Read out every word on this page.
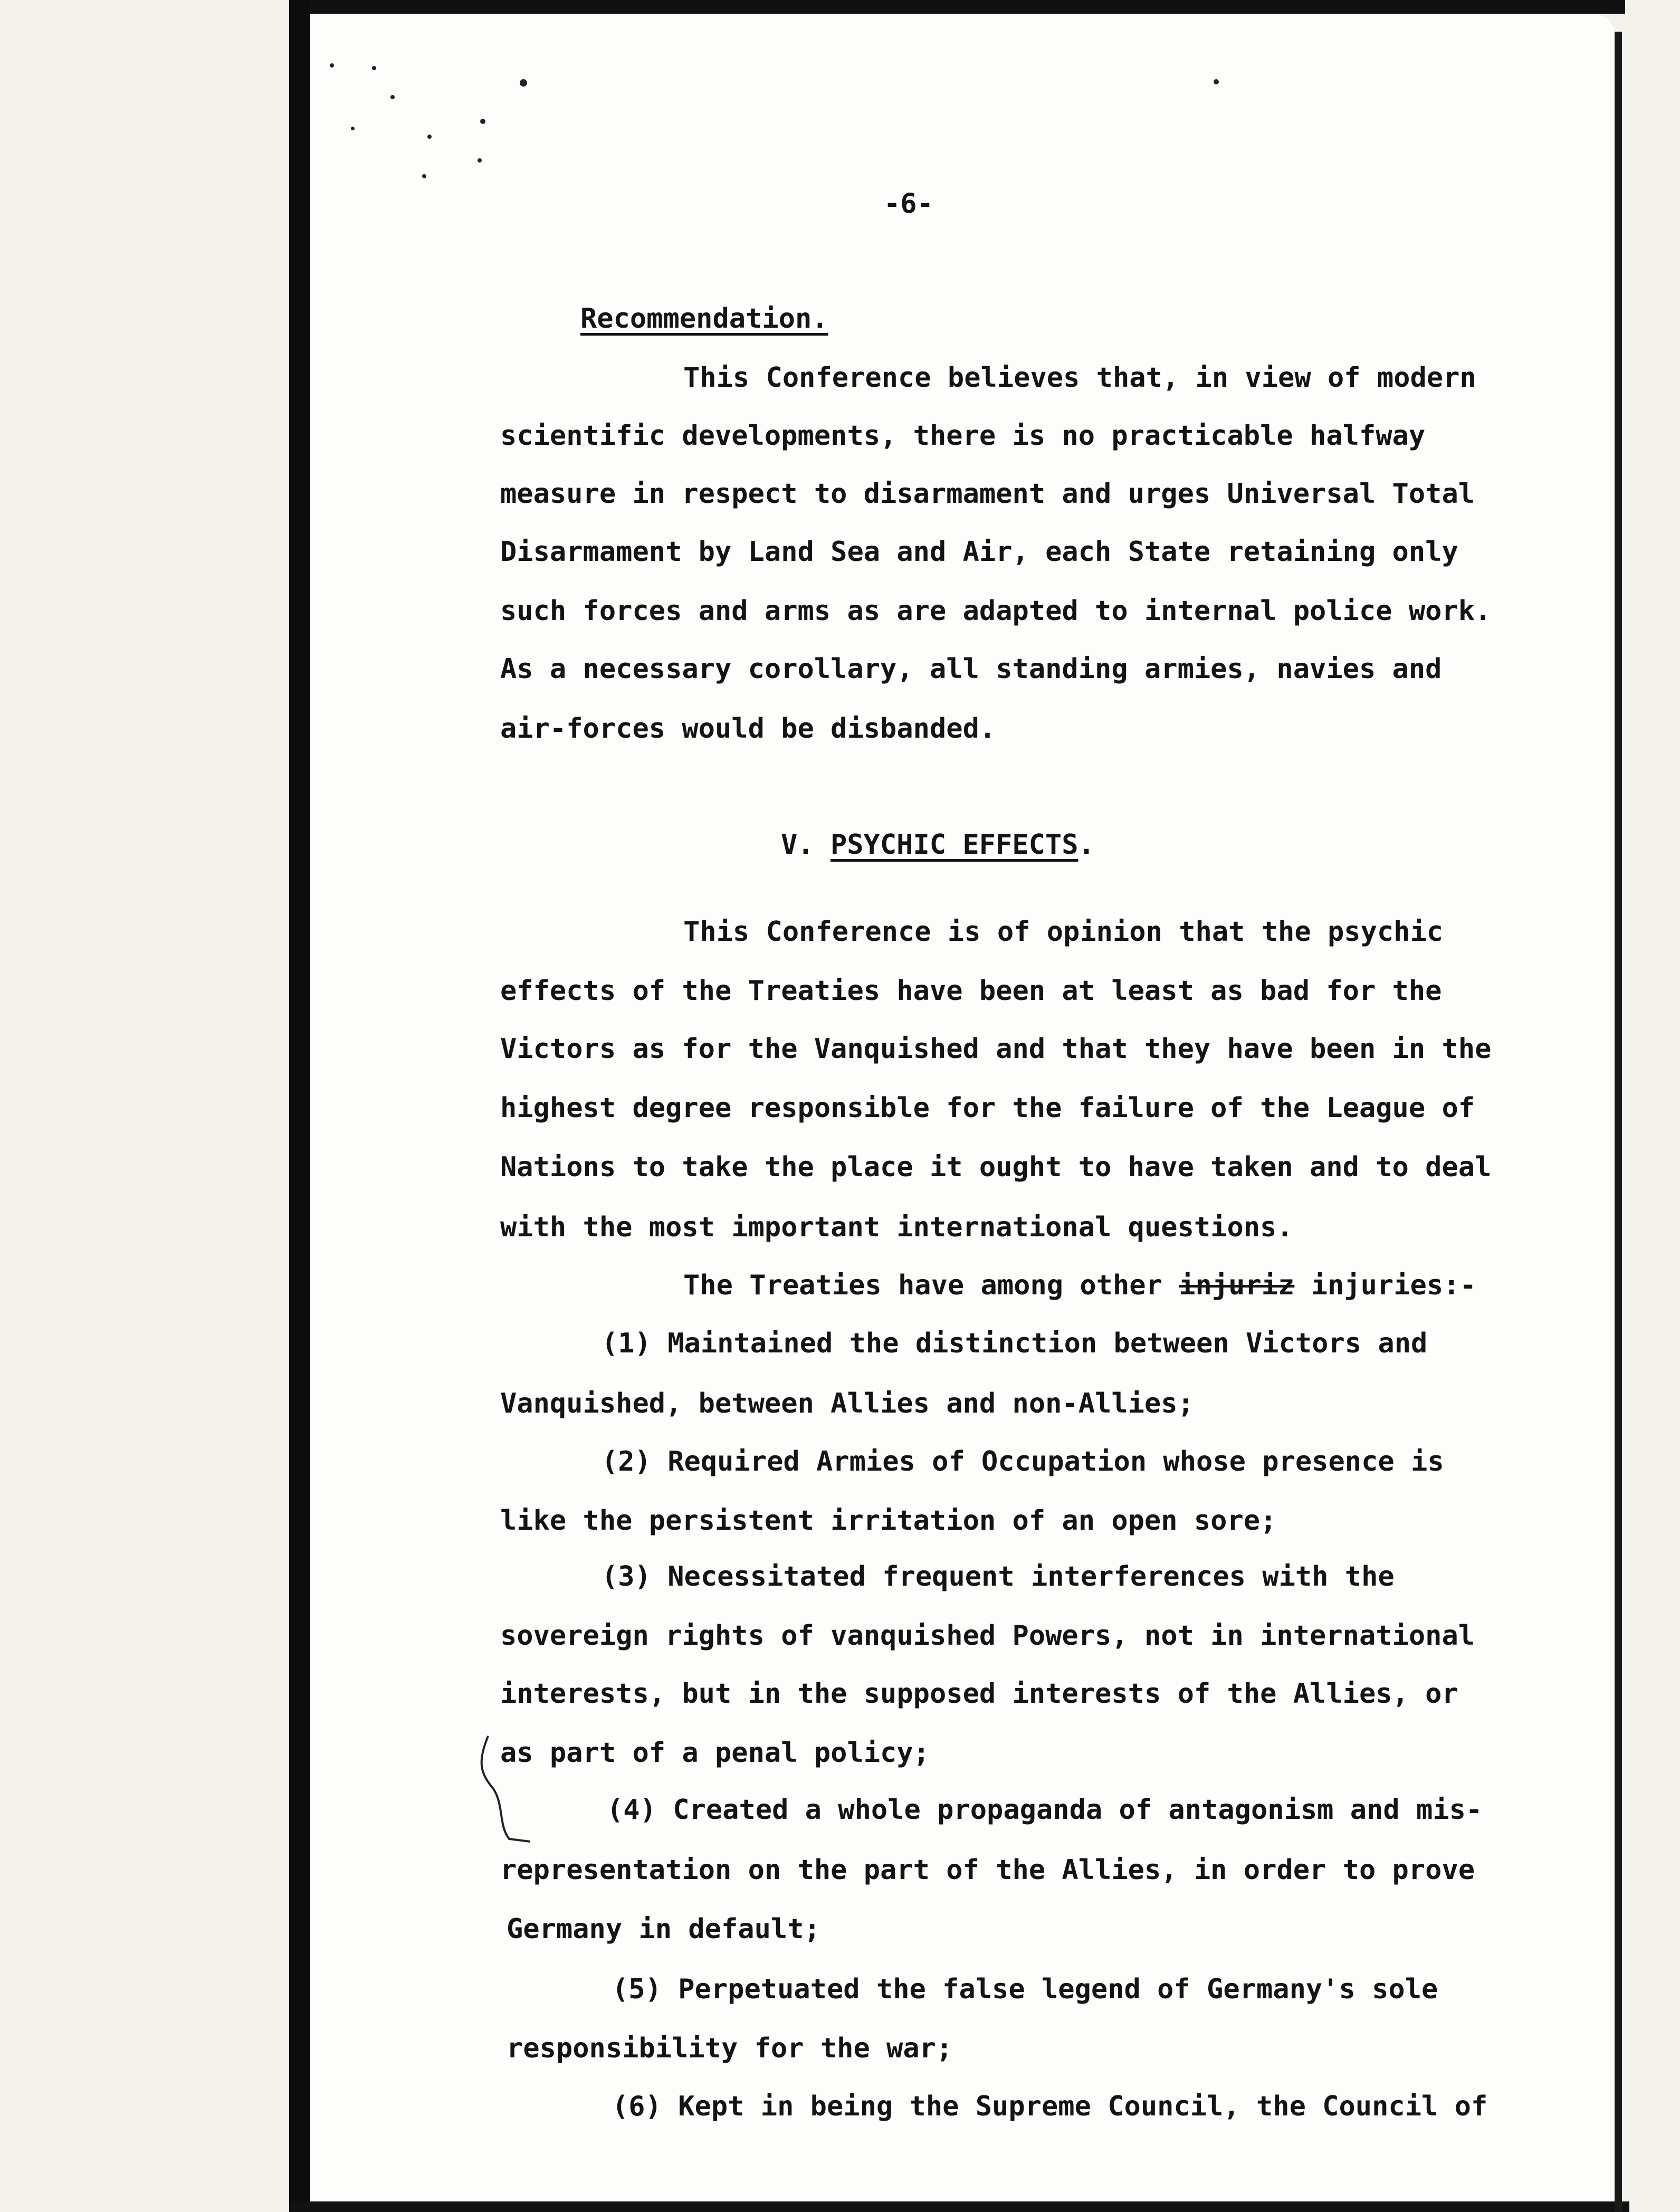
-6-
Recommendation.
This Conference believes that, in view of modern
scientific developments, there is no practicable halfway
measure in respect to disarmament and urges Universal Total
Disarmament by Land Sea and Air, each State retaining only
such forces and arms as are adapted to internal police work.
As a necessary corollary, all standing armies, navies and
air-forces would be disbanded.
V. PSYCHIC EFFECTS.
This Conference is of opinion that the psychic
effects of the Treaties have been at least as bad for the
Victors as for the Vanquished and that they have been in the
highest degree responsible for the failure of the League of
Nations to take the place it ought to have taken and to deal
with the most important international questions.
The Treaties have among other injuriz injuries:-
(1) Maintained the distinction between Victors and
Vanquished, between Allies and non-Allies;
(2) Required Armies of Occupation whose presence is
like the persistent irritation of an open sore;
(3) Necessitated frequent interferences with the
sovereign rights of vanquished Powers, not in international
interests, but in the supposed interests of the Allies, or
as part of a penal policy;
(4) Created a whole propaganda of antagonism and mis-
representation on the part of the Allies, in order to prove
Germany in default;
(5) Perpetuated the false legend of Germany's sole
responsibility for the war;
(6) Kept in being the Supreme Council, the Council of
